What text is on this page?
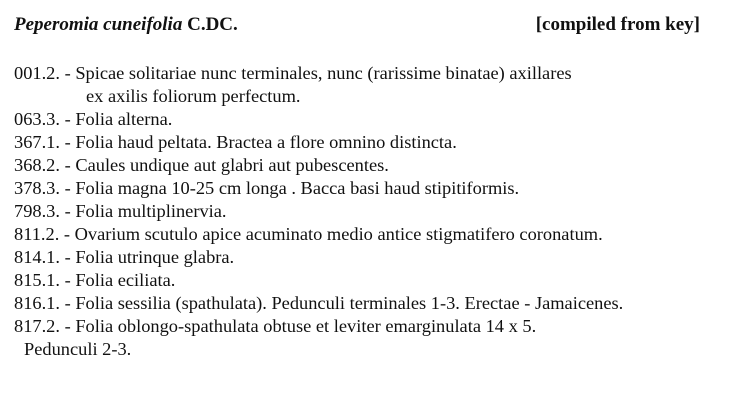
Peperomia cuneifolia C.DC.	[compiled from key]
001.2. - Spicae solitariae nunc terminales, nunc (rarissime binatae) axillares
ex axilis foliorum perfectum.
063.3. - Folia alterna.
367.1. - Folia haud peltata. Bractea a flore omnino distincta.
368.2. - Caules undique aut glabri aut pubescentes.
378.3. - Folia magna 10-25 cm longa . Bacca basi haud stipitiformis.
798.3. - Folia multiplinervia.
811.2. - Ovarium scutulo apice acuminato medio antice stigmatifero coronatum.
814.1. - Folia utrinque glabra.
815.1. - Folia eciliata.
816.1. - Folia sessilia (spathulata). Pedunculi terminales 1-3. Erectae - Jamaicenes.
817.2. - Folia oblongo-spathulata obtuse et leviter emarginulata 14 x 5.
Pedunculi 2-3.
